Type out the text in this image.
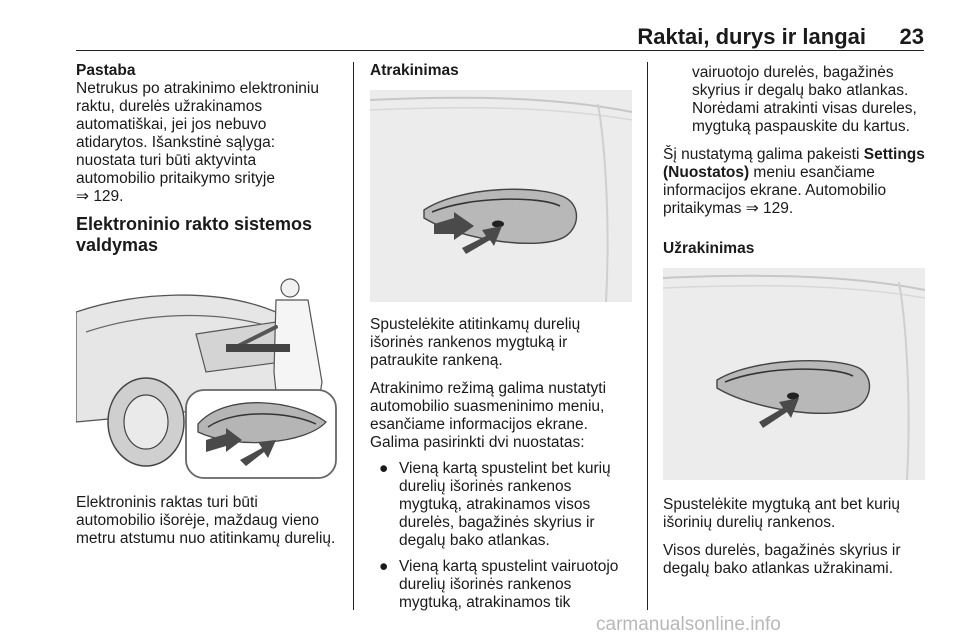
Raktai, durys ir langai 23

Pastaba

Netrukus po atrakinimo elektroniniu raktu, durelės užrakinamos automatiškai, jei jos nebuvo atidarytos. Išankstinė sąlyga: nuostata turi būti aktyvinta automobilio pritaikymo srityje

⇒ 129.

Elektroninio rakto sistemos valdymas

Elektroninis raktas turi būti automobilio išorėje, maždaug vieno metru atstumu nuo atitinkamų durelių.

Atrakinimas

Spustelėkite atitinkamų durelių išorinės rankenos mygtuką ir patraukite rankeną.

Atrakinimo režimą galima nustatyti automobilio suasmeninimo meniu, esančiame informacijos ekrane. Galima pasirinkti dvi nuostatas:

● Vieną kartą spustelint bet kurių durelių išorinės rankenos mygtuką, atrakinamos visos durelės, bagažinės skyrius ir degalų bako atlankas.
● Vieną kartą spustelint vairuotojo durelių išorinės rankenos mygtuką, atrakinamos tik

vairuotojo durelės, bagažinės skyrius ir degalų bako atlankas. Norėdami atrakinti visas dureles, mygtuką paspauskite du kartus.

Šį nustatymą galima pakeisti Settings (Nuostatos) meniu esančiame informacijos ekrane. Automobilio pritaikymas ⇒ 129.

Užrakinimas

Spustelėkite mygtuką ant bet kurių išorinių durelių rankenos.

Visos durelės, bagažinės skyrius ir degalų bako atlankas užrakinami.

carmanualsonline.info
